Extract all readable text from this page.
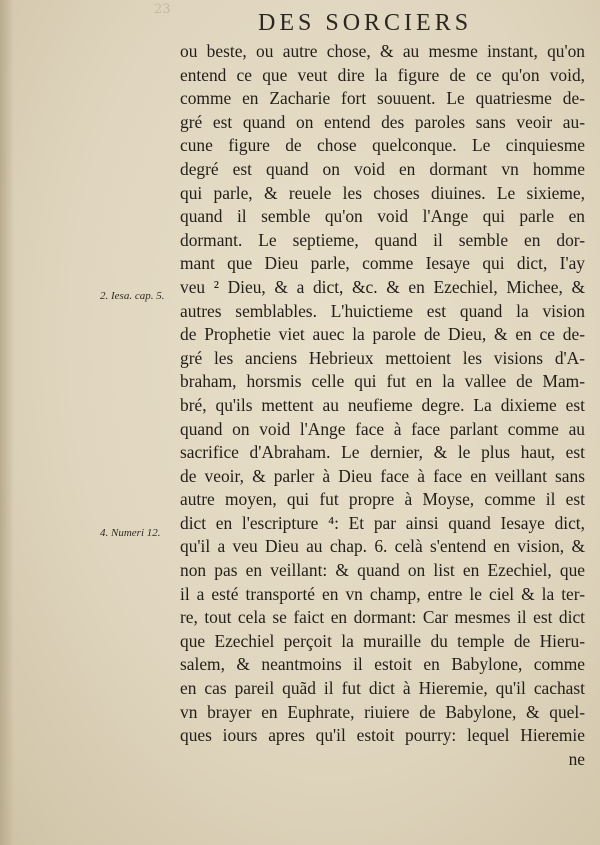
23
DES SORCIERS
2. Iesa. cap. 5.
4. Numeri 12.
ou beste, ou autre chose, & au mesme instant, qu'on
entend ce que veut dire la figure de ce qu'on void,
comme en Zacharie fort souuent. Le quatriesme de-
gré est quand on entend des paroles sans veoir au-
cune figure de chose quelconque. Le cinquiesme
degré est quand on void en dormant vn homme
qui parle, & reuele les choses diuines. Le sixieme,
quand il semble qu'on void l'Ange qui parle en
dormant. Le septieme, quand il semble en dor-
mant que Dieu parle, comme Iesaye qui dict, I'ay
veu ² Dieu, & a dict, &c. & en Ezechiel, Michee, &
autres semblables. L'huictieme est quand la vision
de Prophetie viet auec la parole de Dieu, & en ce de-
gré les anciens Hebrieux mettoient les visions d'A-
braham, horsmis celle qui fut en la vallee de Mam-
bré, qu'ils mettent au neufieme degre. La dixieme est
quand on void l'Ange face à face parlant comme au
sacrifice d'Abraham. Le dernier, & le plus haut, est
de veoir, & parler à Dieu face à face en veillant sans
autre moyen, qui fut propre à Moyse, comme il est
dict en l'escripture ⁴: Et par ainsi quand Iesaye dict,
qu'il a veu Dieu au chap. 6. celà s'entend en vision, &
non pas en veillant: & quand on list en Ezechiel, que
il a esté transporté en vn champ, entre le ciel & la ter-
re, tout cela se faict en dormant: Car mesmes il est dict
que Ezechiel perçoit la muraille du temple de Hieru-
salem, & neantmoins il estoit en Babylone, comme
en cas pareil quãd il fut dict à Hieremie, qu'il cachast
vn brayer en Euphrate, riuiere de Babylone, & quel-
ques iours apres qu'il estoit pourry: lequel Hieremie
ne
